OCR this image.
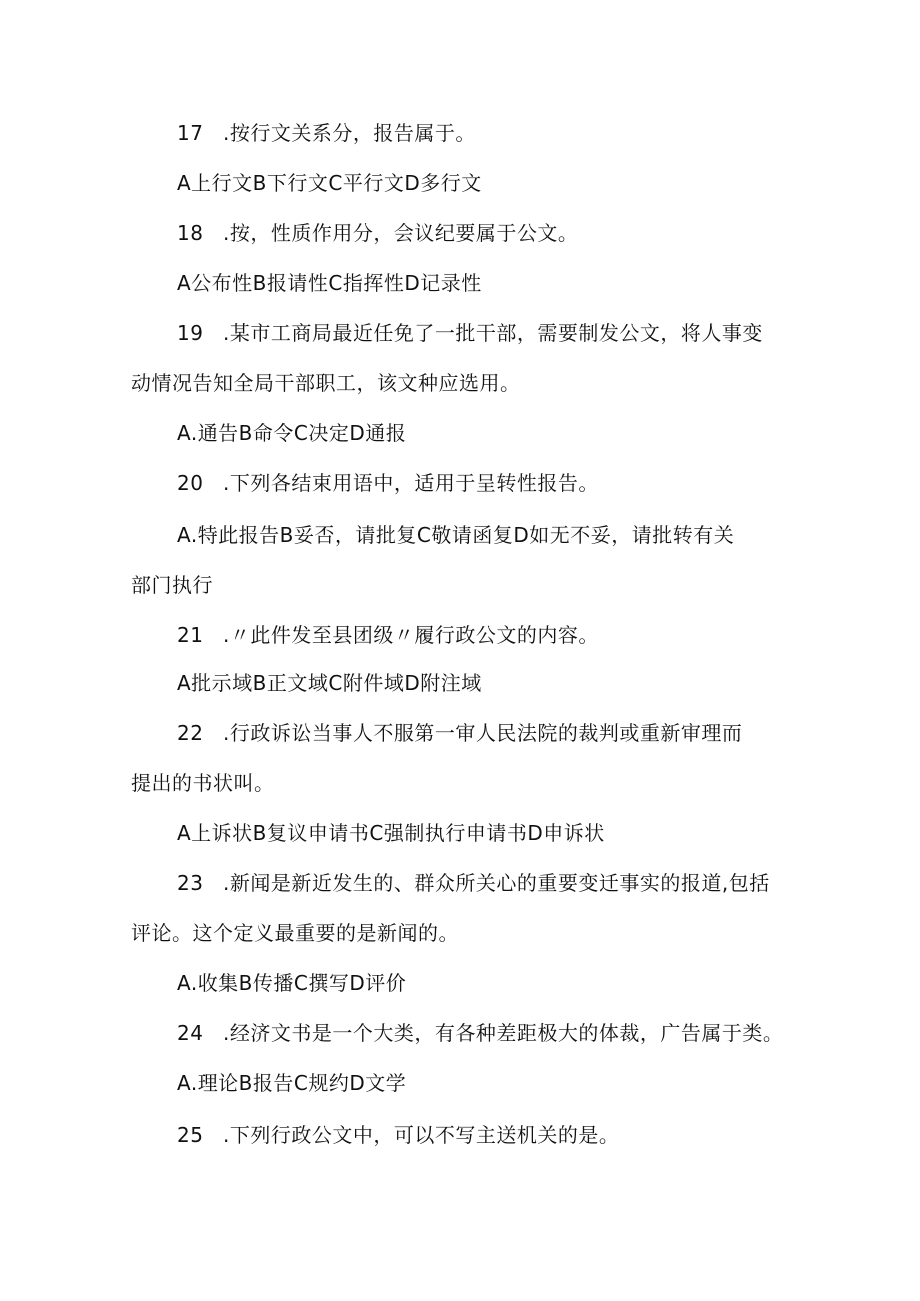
17 .按行文关系分，报告属于。
A上行文B下行文C平行文D多行文
18 .按，性质作用分，会议纪要属于公文。
A公布性B报请性C指挥性D记录性
19 .某市工商局最近任免了一批干部，需要制发公文，将人事变
动情况告知全局干部职工，该文种应选用。
A.通告B命令C决定D通报
20 .下列各结束用语中，适用于呈转性报告。
A.特此报告B妥否，请批复C敬请函复D如无不妥，请批转有关
部门执行
21 .〃此件发至县团级〃履行政公文的内容。
A批示域B正文域C附件域D附注域
22 .行政诉讼当事人不服第一审人民法院的裁判或重新审理而
提出的书状叫。
A上诉状B复议申请书C强制执行申请书D申诉状
23 .新闻是新近发生的、群众所关心的重要变迁事实的报道,包括
评论。这个定义最重要的是新闻的。
A.收集B传播C撰写D评价
24 .经济文书是一个大类，有各种差距极大的体裁，广告属于类。
A.理论B报告C规约D文学
25 .下列行政公文中，可以不写主送机关的是。
